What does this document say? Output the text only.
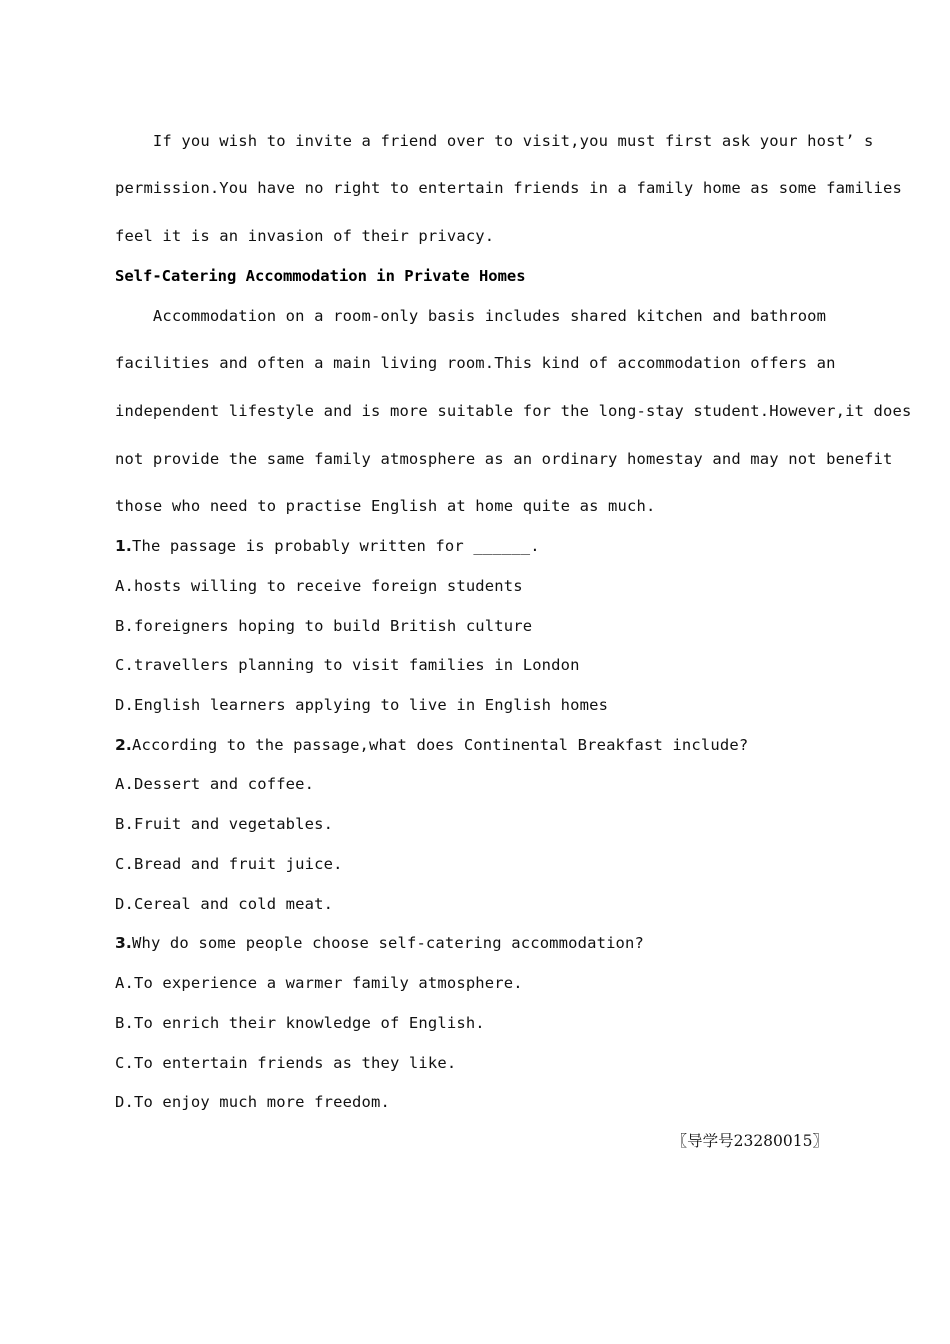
If you wish to invite a friend over to visit,you must first ask your host’ s

permission.You have no right to entertain friends in a family home as some families

feel it is an invasion of their privacy.

Self-Catering Accommodation in Private Homes

Accommodation on a room-only basis includes shared kitchen and bathroom

facilities and often a main living room.This kind of accommodation offers an

independent lifestyle and is more suitable for the long-stay student.However,it does

not provide the same family atmosphere as an ordinary homestay and may not benefit

those who need to practise English at home quite as much.

1.The passage is probably written for ______.

A.hosts willing to receive foreign students

B.foreigners hoping to build British culture

C.travellers planning to visit families in London

D.English learners applying to live in English homes

2.According to the passage,what does Continental Breakfast include?

A.Dessert and coffee.

B.Fruit and vegetables.

C.Bread and fruit juice.

D.Cereal and cold meat.

3.Why do some people choose self-catering accommodation?

A.To experience a warmer family atmosphere.

B.To enrich their knowledge of English.

C.To entertain friends as they like.

D.To enjoy much more freedom.

〖导学号23280015〗
